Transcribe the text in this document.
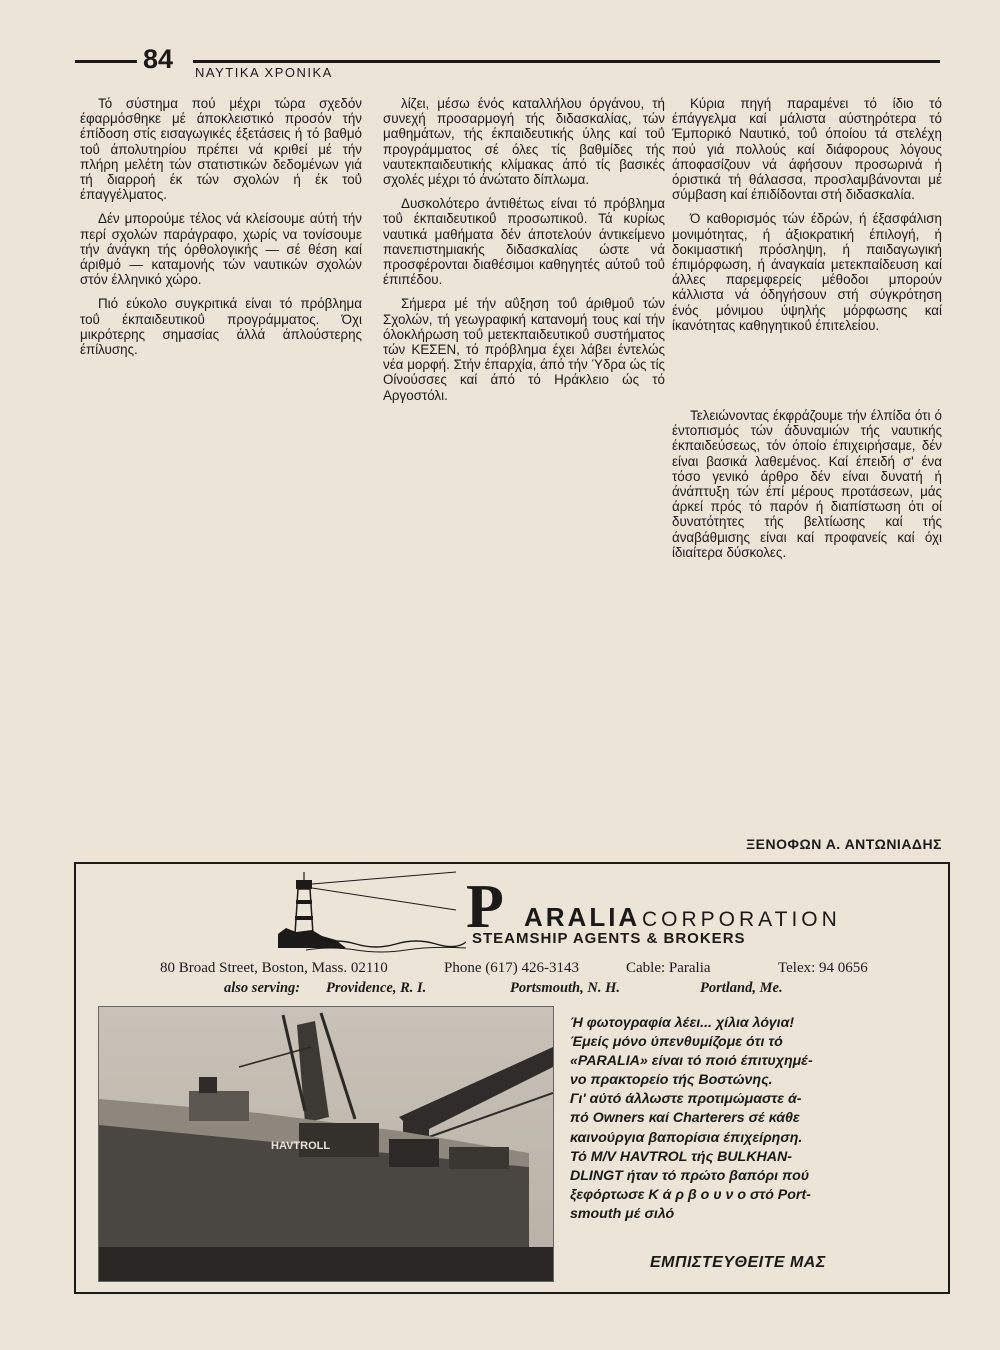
84 ΝΑΥΤΙΚΑ ΧΡΟΝΙΚΑ

Τό σύστημα πού μέχρι τώρα σχεδόν έφαρμόσθηκε μέ άποκλειστικό προσόν τήν έπίδοση στίς εισαγωγικές έξετάσεις ή τό βαθμό τοΰ άπολυτηρίου πρέπει νά κριθεί μέ τήν πλήρη μελέτη τών στατιστικών δεδομένων γιά τή διαρροή έκ τών σχολών ή έκ τοΰ έπαγγέλματος.

Δέν μπορούμε τέλος νά κλείσουμε αύτή τήν περί σχολών παράγραφο, χωρίς να τονίσουμε τήν άνάγκη τής όρθολογικής — σέ θέση καί άριθμό — καταμονής τών ναυτικών σχολών στόν έλληνικό χώρο.

Πιό εύκολο συγκριτικά είναι τό πρόβλημα τοΰ έκπαιδευτικοΰ προγράμματος. Όχι μικρότερης σημασίας άλλά άπλούστερης έπίλυσης.

λίζει, μέσω ένός καταλλήλου όργάνου, τή συνεχή προσαρμογή τής διδασκαλίας, τών μαθημάτων, τής έκπαιδευτικής ύλης καί τοΰ προγράμματος σέ όλες τίς βαθμίδες τής ναυτεκπαιδευτικής κλίμακας άπό τίς βασικές σχολές μέχρι τό άνώτατο δίπλωμα.

Δυσκολότερο άντιθέτως είναι τό πρόβλημα τοΰ έκπαιδευτικοΰ προσωπικοΰ. Τά κυρίως ναυτικά μαθήματα δέν άποτελούν άντικείμενο πανεπιστημιακής διδασκαλίας ώστε νά προσφέρονται διαθέσιμοι καθηγητές αύτοΰ τοΰ έπιπέδου.

Σήμερα μέ τήν αΰξηση τοΰ άριθμοΰ τών Σχολών, τή γεωγραφική κατανομή τους καί τήν όλοκλήρωση τοΰ μετεκπαιδευτικοΰ συστήματος τών ΚΕΣΕΝ, τό πρόβλημα έχει λάβει έντελώς νέα μορφή. Στήν έπαρχία, άπό τήν Ύδρα ώς τίς Οίνούσσες καί άπό τό Ηράκλειο ώς τό Αργοστόλι.

Κύρια πηγή παραμένει τό ίδιο τό έπάγγελμα καί μάλιστα αύστηρότερα τό Έμπορικό Ναυτικό, τοΰ όποίου τά στελέχη πού γιά πολλούς καί διάφορους λόγους άποφασίζουν νά άφήσουν προσωρινά ή όριστικά τή θάλασσα, προσλαμβάνονται μέ σύμβαση καί έπιδίδονται στή διδασκαλία.

Ό καθορισμός τών έδρών, ή έξασφάλιση μονιμότητας, ή άξιοκρατική έπιλογή, ή δοκιμαστική πρόσληψη, ή παιδαγωγική έπιμόρφωση, ή άναγκαία μετεκπαίδευση καί άλλες παρεμφερείς μέθοδοι μπορούν κάλλιστα νά όδηγήσουν στή σύγκρότηση ένός μόνιμου ύψηλής μόρφωσης καί ίκανότητας καθηγητικοΰ έπιτελείου.

Τελειώνοντας έκφράζουμε τήν έλπίδα ότι ό έντοπισμός τών άδυναμιών τής ναυτικής έκπαιδεύσεως, τόν όποίο έπιχειρήσαμε, δέν είναι βασικά λαθεμένος. Καί έπειδή σ' ένα τόσο γενικό άρθρο δέν είναι δυνατή ή άνάπτυξη τών έπί μέρους προτάσεων, μάς άρκεί πρός τό παρόν ή διαπίστωση ότι οί δυνατότητες τής βελτίωσης καί τής άναβάθμισης είναι καί προφανείς καί όχι ίδιαίτερα δύσκολες.

ΞΕΝΟΦΩΝ Α. ΑΝΤΩΝΙΑΔΗΣ
P ARALIA CORPORATION
STEAMSHIP AGENTS & BROKERS
80 Broad Street, Boston, Mass. 02110	Phone (617) 426-3143	Cable: Paralia	Telex: 94 0656
also serving: Providence, R. I.	Portsmouth, N. H.	Portland, Me.
HAVTROLL
Ή φωτογραφία λέει... χίλια λόγια!
Έμείς μόνο ύπενθυμίζομε ότι τό
«PARALIA» είναι τό ποιό έπιτυχημέ-
νο πρακτορείο τής Βοστώνης.
Γι' αύτό άλλωστε προτιμώμαστε ά-
πό Owners καί Charterers σέ κάθε
καινούργια βαπορίσια έπιχείρηση.
Τό M/V HAVTROL τής BULKHAN-
DLINGT ήταν τό πρώτο βαπόρι πού
ξεφόρτωσε Κ ά ρ β ο υ ν ο στό Port-
smouth μέ σιλό
ΕΜΠΙΣΤΕΥΘΕΙΤΕ ΜΑΣ
